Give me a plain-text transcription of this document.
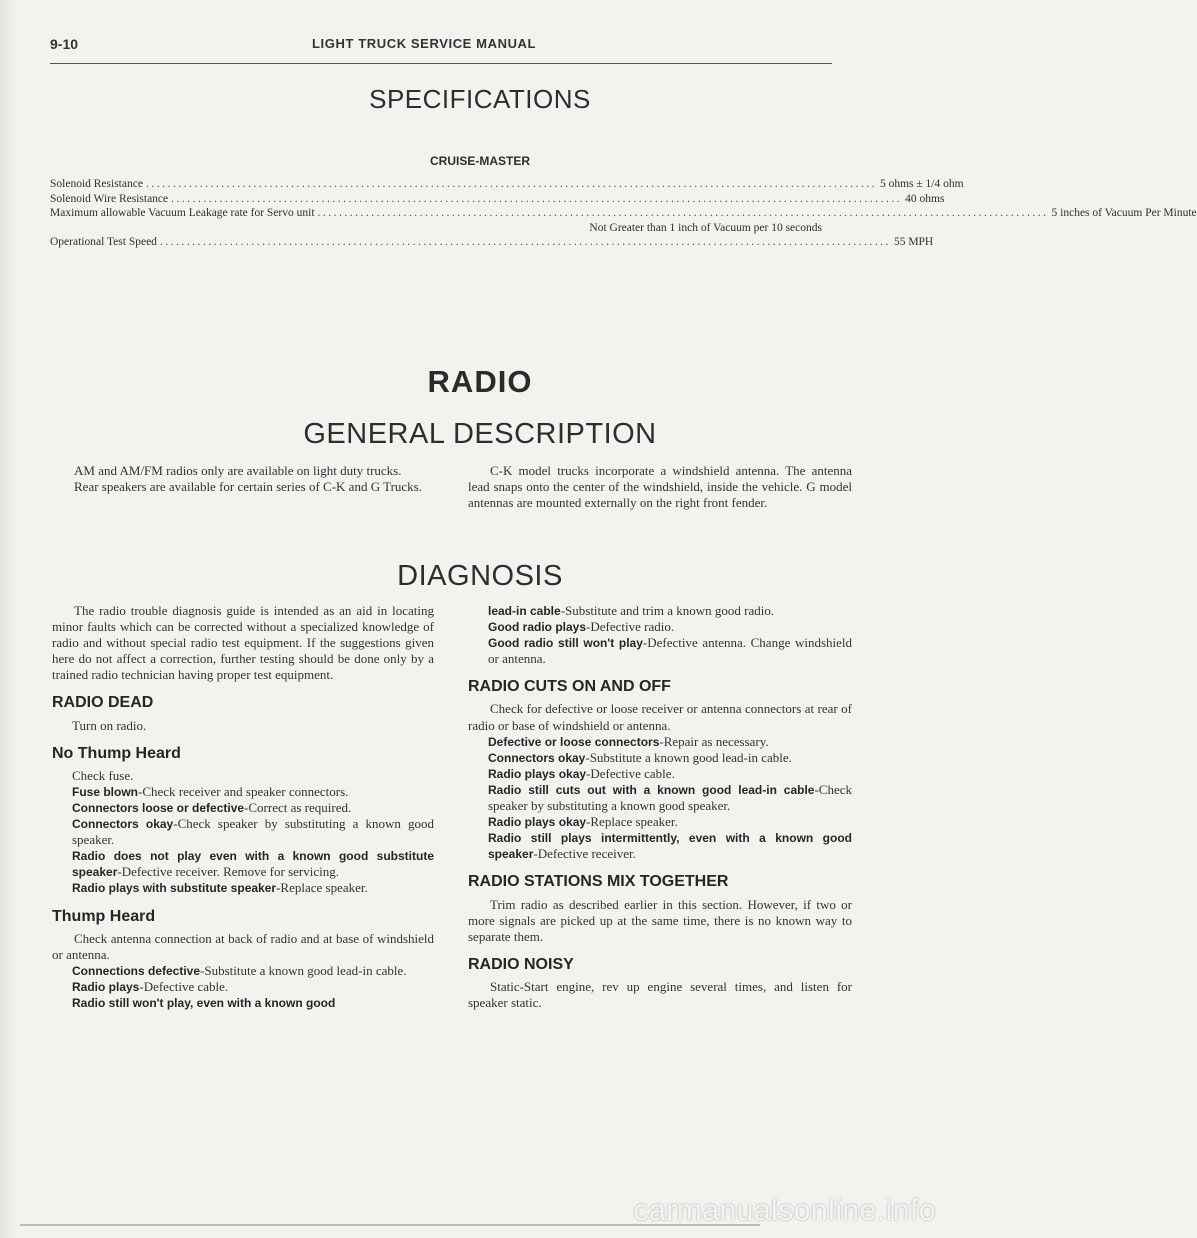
9-10	LIGHT TRUCK SERVICE MANUAL
SPECIFICATIONS
CRUISE-MASTER
Solenoid Resistance ........................................................................................................................................ 5 ohms ± 1/4 ohm
Solenoid Wire Resistance ........................................................................................................................................ 40 ohms
Maximum allowable Vacuum Leakage rate for Servo unit ........................................................................................................................................ 5 inches of Vacuum Per Minute
Not Greater than 1 inch of Vacuum per 10 seconds
Operational Test Speed ........................................................................................................................................ 55 MPH
RADIO
GENERAL DESCRIPTION

AM and AM/FM radios only are available on light duty trucks.

Rear speakers are available for certain series of C-K and G Trucks.

C-K model trucks incorporate a windshield antenna. The antenna lead snaps onto the center of the windshield, inside the vehicle. G model antennas are mounted externally on the right front fender.

DIAGNOSIS

The radio trouble diagnosis guide is intended as an aid in locating minor faults which can be corrected without a specialized knowledge of radio and without special radio test equipment. If the suggestions given here do not affect a correction, further testing should be done only by a trained radio technician having proper test equipment.

RADIO DEAD

Turn on radio.

No Thump Heard

Check fuse.

Fuse blown-Check receiver and speaker connectors.

Connectors loose or defective-Correct as required.

Connectors okay-Check speaker by substituting a known good speaker.

Radio does not play even with a known good substitute speaker-Defective receiver. Remove for servicing.

Radio plays with substitute speaker-Replace speaker.

Thump Heard

Check antenna connection at back of radio and at base of windshield or antenna.

Connections defective-Substitute a known good lead-in cable.

Radio plays-Defective cable.

Radio still won't play, even with a known good

lead-in cable-Substitute and trim a known good radio.

Good radio plays-Defective radio.

Good radio still won't play-Defective antenna. Change windshield or antenna.

RADIO CUTS ON AND OFF

Check for defective or loose receiver or antenna connectors at rear of radio or base of windshield or antenna.

Defective or loose connectors-Repair as necessary.

Connectors okay-Substitute a known good lead-in cable.

Radio plays okay-Defective cable.

Radio still cuts out with a known good lead-in cable-Check speaker by substituting a known good speaker.

Radio plays okay-Replace speaker.

Radio still plays intermittently, even with a known good speaker-Defective receiver.

RADIO STATIONS MIX TOGETHER

Trim radio as described earlier in this section. However, if two or more signals are picked up at the same time, there is no known way to separate them.

RADIO NOISY

Static-Start engine, rev up engine several times, and listen for speaker static.

carmanualsonline.info
